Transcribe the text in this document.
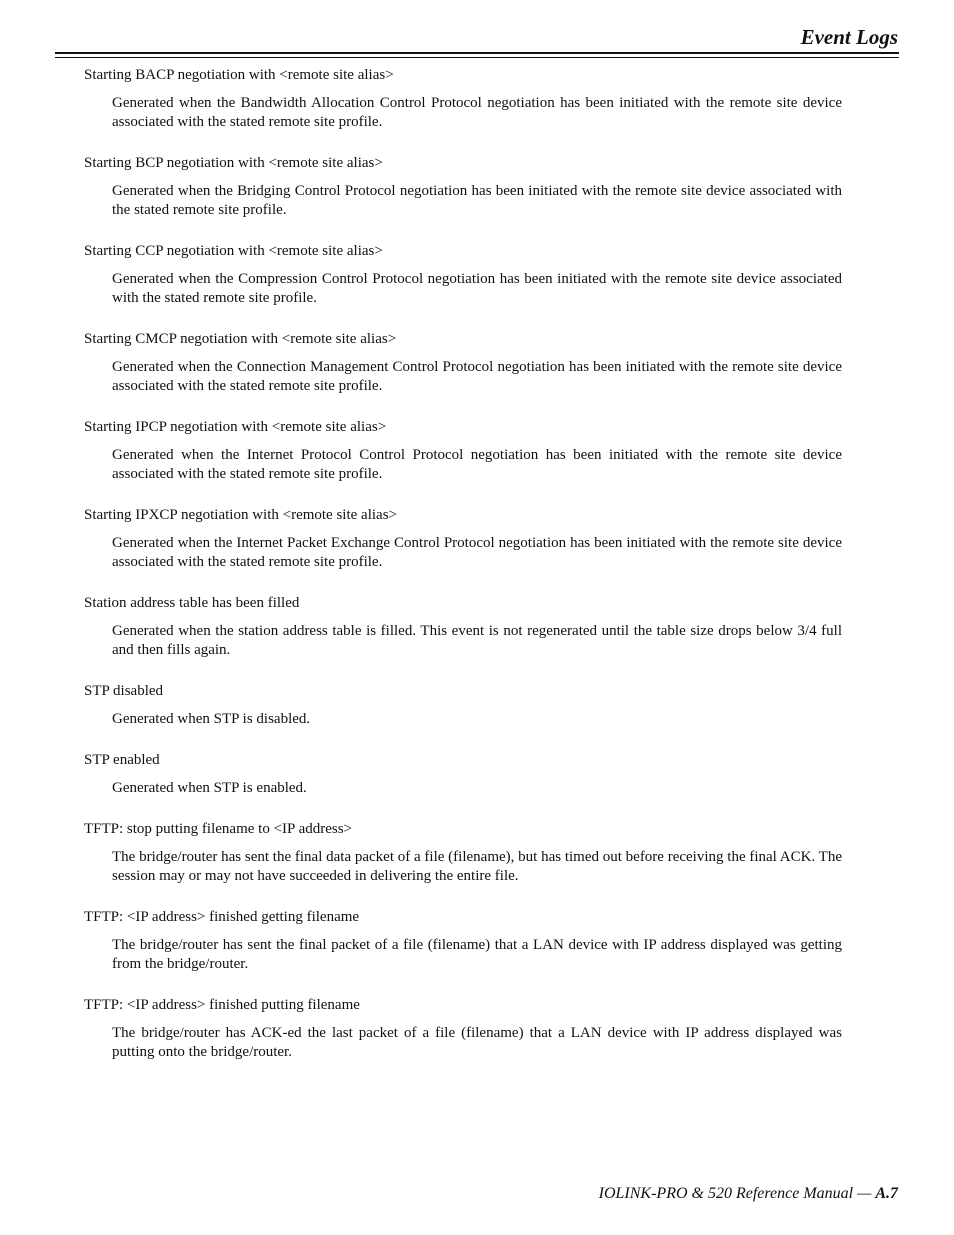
Event Logs

Starting BACP negotiation with <remote site alias>

Generated when the Bandwidth Allocation Control Protocol negotiation has been initiated with the remote site device associated with the stated remote site profile.

Starting BCP negotiation with <remote site alias>

Generated when the Bridging Control Protocol negotiation has been initiated with the remote site device associated with the stated remote site profile.

Starting CCP negotiation with <remote site alias>

Generated when the Compression Control Protocol negotiation has been initiated with the remote site device associated with the stated remote site profile.

Starting CMCP negotiation with <remote site alias>

Generated when the Connection Management Control Protocol negotiation has been initiated with the remote site device associated with the stated remote site profile.

Starting IPCP negotiation with <remote site alias>

Generated when the Internet Protocol Control Protocol negotiation has been initiated with the remote site device associated with the stated remote site profile.

Starting IPXCP negotiation with <remote site alias>

Generated when the Internet Packet Exchange Control Protocol negotiation has been initiated with the remote site device associated with the stated remote site profile.

Station address table has been filled

Generated when the station address table is filled. This event is not regenerated until the table size drops below 3/4 full and then fills again.

STP disabled

Generated when STP is disabled.

STP enabled

Generated when STP is enabled.

TFTP: stop putting filename to <IP address>

The bridge/router has sent the final data packet of a file (filename), but has timed out before receiving the final ACK. The session may or may not have succeeded in delivering the entire file.

TFTP: <IP address> finished getting filename

The bridge/router has sent the final packet of a file (filename) that a LAN device with IP address displayed was getting from the bridge/router.

TFTP: <IP address> finished putting filename

The bridge/router has ACK-ed the last packet of a file (filename) that a LAN device with IP address displayed was putting onto the bridge/router.

IOLINK-PRO & 520 Reference Manual — A.7
